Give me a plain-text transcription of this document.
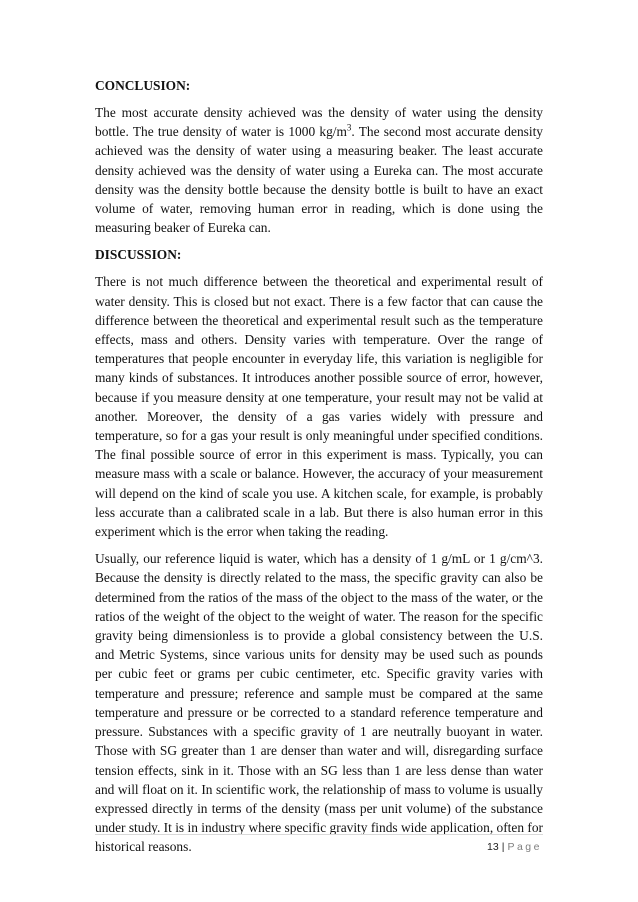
CONCLUSION:
The most accurate density achieved was the density of water using the density bottle. The true density of water is 1000 $kg/m^3$. The second most accurate density achieved was the density of water using a measuring beaker. The least accurate density achieved was the density of water using a Eureka can. The most accurate density was the density bottle because the density bottle is built to have an exact volume of water, removing human error in reading, which is done using the measuring beaker of Eureka can.
DISCUSSION:
There is not much difference between the theoretical and experimental result of water density. This is closed but not exact. There is a few factor that can cause the difference between the theoretical and experimental result such as the temperature effects, mass and others. Density varies with temperature. Over the range of temperatures that people encounter in everyday life, this variation is negligible for many kinds of substances. It introduces another possible source of error, however, because if you measure density at one temperature, your result may not be valid at another. Moreover, the density of a gas varies widely with pressure and temperature, so for a gas your result is only meaningful under specified conditions. The final possible source of error in this experiment is mass. Typically, you can measure mass with a scale or balance. However, the accuracy of your measurement will depend on the kind of scale you use. A kitchen scale, for example, is probably less accurate than a calibrated scale in a lab. But there is also human error in this experiment which is the error when taking the reading.
Usually, our reference liquid is water, which has a density of 1 g/mL or 1 g/cm^3. Because the density is directly related to the mass, the specific gravity can also be determined from the ratios of the mass of the object to the mass of the water, or the ratios of the weight of the object to the weight of water. The reason for the specific gravity being dimensionless is to provide a global consistency between the U.S. and Metric Systems, since various units for density may be used such as pounds per cubic feet or grams per cubic centimeter, etc. Specific gravity varies with temperature and pressure; reference and sample must be compared at the same temperature and pressure or be corrected to a standard reference temperature and pressure. Substances with a specific gravity of 1 are neutrally buoyant in water. Those with SG greater than 1 are denser than water and will, disregarding surface tension effects, sink in it. Those with an SG less than 1 are less dense than water and will float on it. In scientific work, the relationship of mass to volume is usually expressed directly in terms of the density (mass per unit volume) of the substance under study. It is in industry where specific gravity finds wide application, often for historical reasons.	13 | Page
